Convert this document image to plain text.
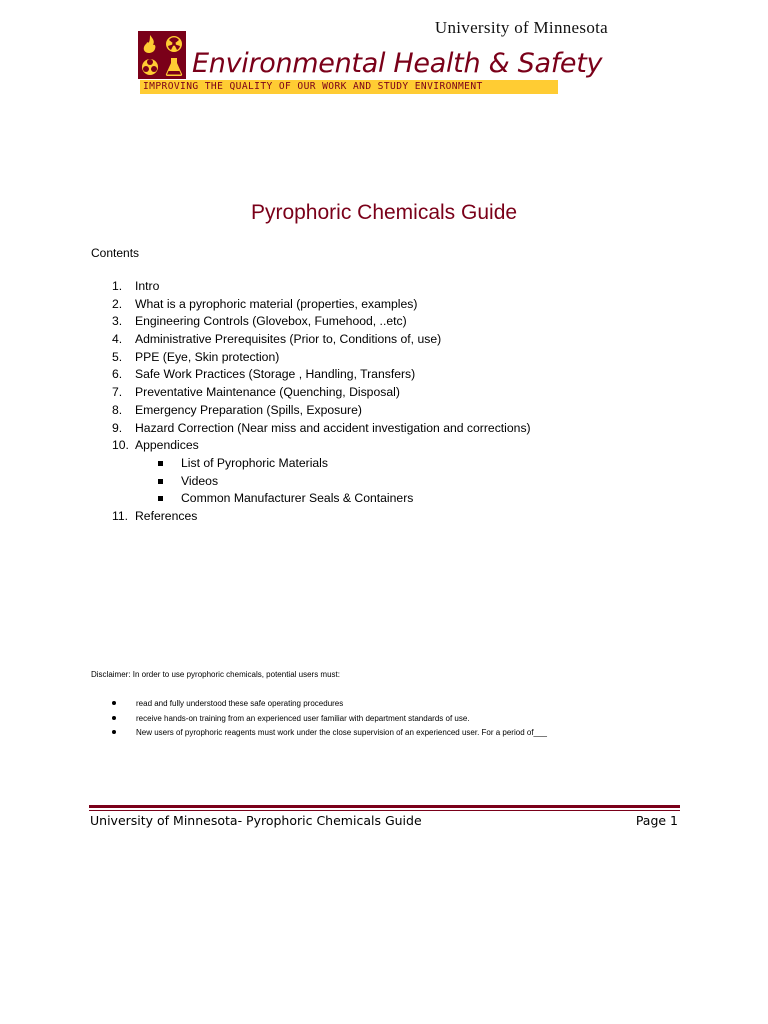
University of Minnesota
Environmental Health & Safety
IMPROVING THE QUALITY OF OUR WORK AND STUDY ENVIRONMENT
Pyrophoric Chemicals Guide
Contents
1. Intro
2. What is a pyrophoric material (properties, examples)
3. Engineering Controls (Glovebox, Fumehood, ..etc)
4. Administrative Prerequisites (Prior to, Conditions of, use)
5. PPE (Eye, Skin protection)
6. Safe Work Practices (Storage , Handling, Transfers)
7. Preventative Maintenance (Quenching, Disposal)
8. Emergency Preparation (Spills, Exposure)
9. Hazard Correction (Near miss and accident investigation and corrections)
10. Appendices
List of Pyrophoric Materials
Videos
Common Manufacturer Seals & Containers
11. References
Disclaimer: In order to use pyrophoric chemicals, potential users must:
read and fully understood these safe operating procedures
receive hands-on training from an experienced user familiar with department standards of use.
New users of pyrophoric reagents must work under the close supervision of an experienced user. For a period of___
University of Minnesota- Pyrophoric Chemicals Guide	Page 1
